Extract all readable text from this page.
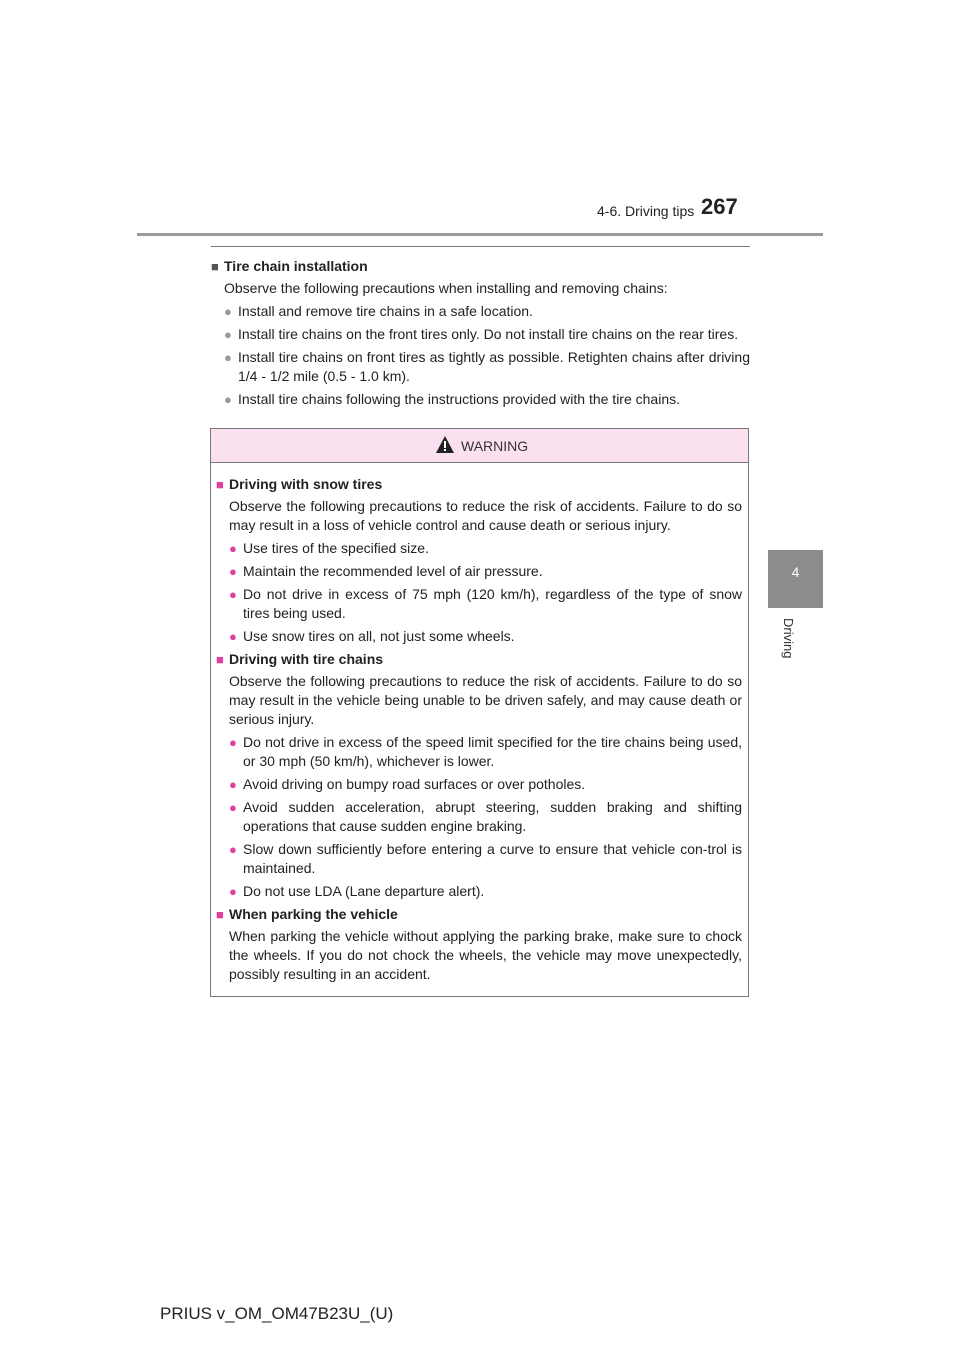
4-6. Driving tips 267
4
Driving
■ Tire chain installation
Observe the following precautions when installing and removing chains:
● Install and remove tire chains in a safe location.
● Install tire chains on the front tires only. Do not install tire chains on the rear tires.
● Install tire chains on front tires as tightly as possible. Retighten chains after driving 1/4 - 1/2 mile (0.5 - 1.0 km).
● Install tire chains following the instructions provided with the tire chains.
WARNING
■ Driving with snow tires
Observe the following precautions to reduce the risk of accidents. Failure to do so may result in a loss of vehicle control and cause death or serious injury.
● Use tires of the specified size.
● Maintain the recommended level of air pressure.
● Do not drive in excess of 75 mph (120 km/h), regardless of the type of snow tires being used.
● Use snow tires on all, not just some wheels.
■ Driving with tire chains
Observe the following precautions to reduce the risk of accidents. Failure to do so may result in the vehicle being unable to be driven safely, and may cause death or serious injury.
● Do not drive in excess of the speed limit specified for the tire chains being used, or 30 mph (50 km/h), whichever is lower.
● Avoid driving on bumpy road surfaces or over potholes.
● Avoid sudden acceleration, abrupt steering, sudden braking and shifting operations that cause sudden engine braking.
● Slow down sufficiently before entering a curve to ensure that vehicle con-trol is maintained.
● Do not use LDA (Lane departure alert).
■ When parking the vehicle
When parking the vehicle without applying the parking brake, make sure to chock the wheels. If you do not chock the wheels, the vehicle may move unexpectedly, possibly resulting in an accident.
PRIUS v_OM_OM47B23U_(U)
